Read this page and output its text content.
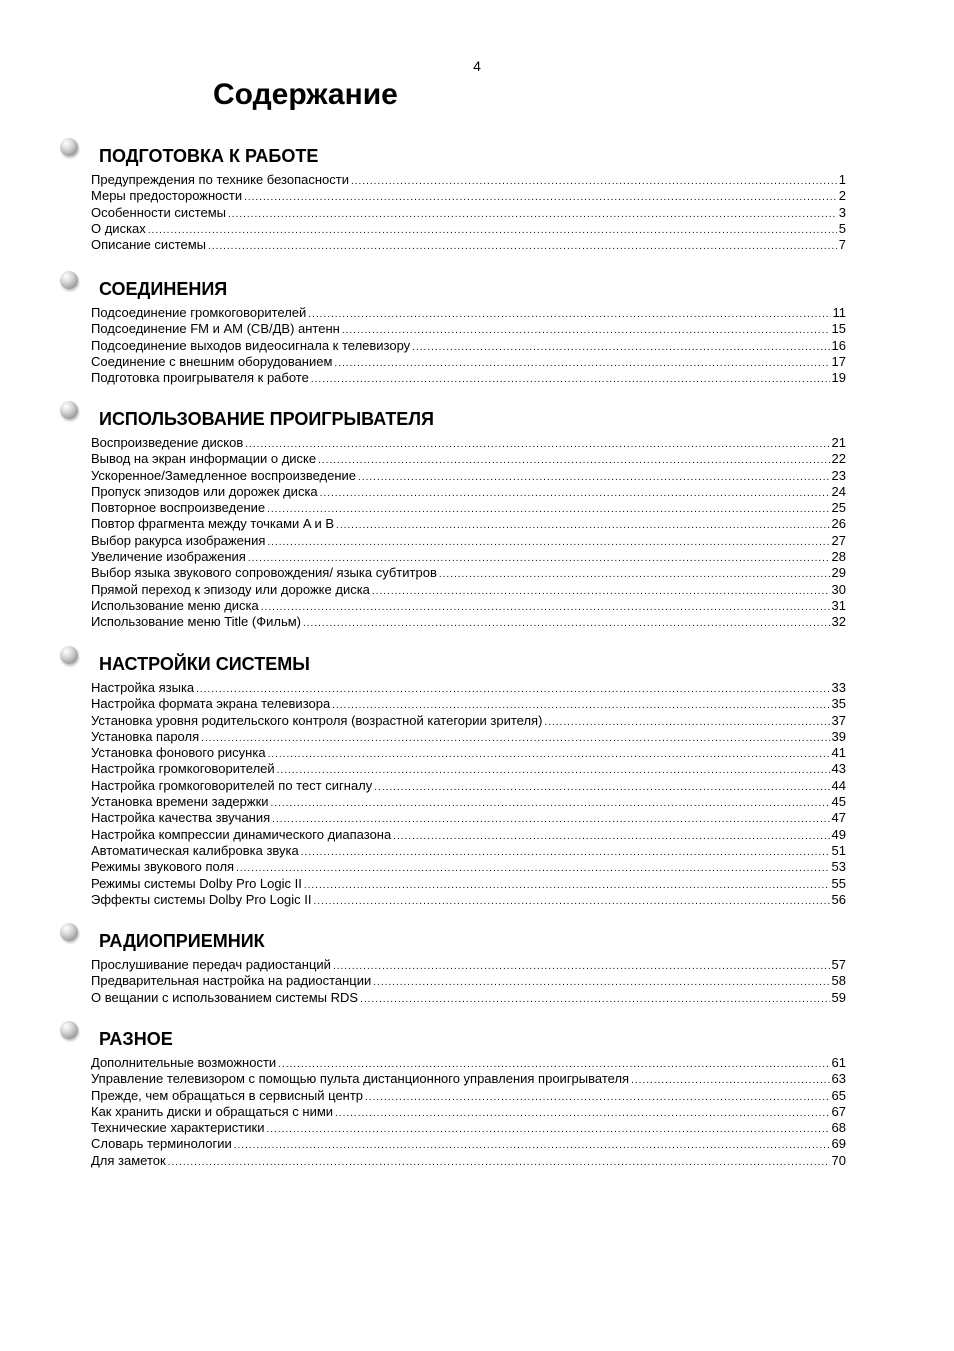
4
Содержание
ПОДГОТОВКА К РАБОТЕ
Предупреждения по технике безопасности .....	1
Меры предосторожности .....	2
Особенности системы .....	3
О дисках .....	5
Описание системы .....	7
СОЕДИНЕНИЯ
Подсоединение громкоговорителей .....	11
Подсоединение FM и AM (СВ/ДВ) антенн .....	15
Подсоединение выходов видеосигнала к телевизору .....	16
Соединение с внешним оборудованием .....	17
Подготовка проигрывателя к работе .....	19
ИСПОЛЬЗОВАНИЕ ПРОИГРЫВАТЕЛЯ
Воспроизведение дисков .....	21
Вывод на экран информации о диске .....	22
Ускоренное/Замедленное воспроизведение .....	23
Пропуск эпизодов или дорожек диска .....	24
Повторное воспроизведение .....	25
Повтор фрагмента между точками A и B .....	26
Выбор ракурса изображения .....	27
Увеличение изображения .....	28
Выбор языка звукового сопровождения/ языка субтитров .....	29
Прямой переход к эпизоду или дорожке диска .....	30
Использование меню диска .....	31
Использование меню Title (Фильм) .....	32
НАСТРОЙКИ СИСТЕМЫ
Настройка языка .....	33
Настройка формата экрана телевизора .....	35
Установка уровня родительского контроля (возрастной категории зрителя) .....	37
Установка пароля .....	39
Установка фонового рисунка .....	41
Настройка громкоговорителей .....	43
Настройка громкоговорителей по тест сигналу .....	44
Установка времени задержки .....	45
Настройка качества звучания .....	47
Настройка компрессии динамического диапазона .....	49
Автоматическая калибровка звука .....	51
Режимы звукового поля .....	53
Режимы системы Dolby Pro Logic II .....	55
Эффекты системы Dolby Pro Logic II .....	56
РАДИОПРИЕМНИК
Прослушивание передач радиостанций .....	57
Предварительная настройка на радиостанции .....	58
О вещании с использованием системы RDS .....	59
РАЗНОЕ
Дополнительные возможности .....	61
Управление телевизором с помощью пульта дистанционного управления проигрывателя .....	63
Прежде, чем обращаться в сервисный центр .....	65
Как хранить диски и обращаться с ними .....	67
Технические характеристики .....	68
Словарь терминологии .....	69
Для заметок .....	70
